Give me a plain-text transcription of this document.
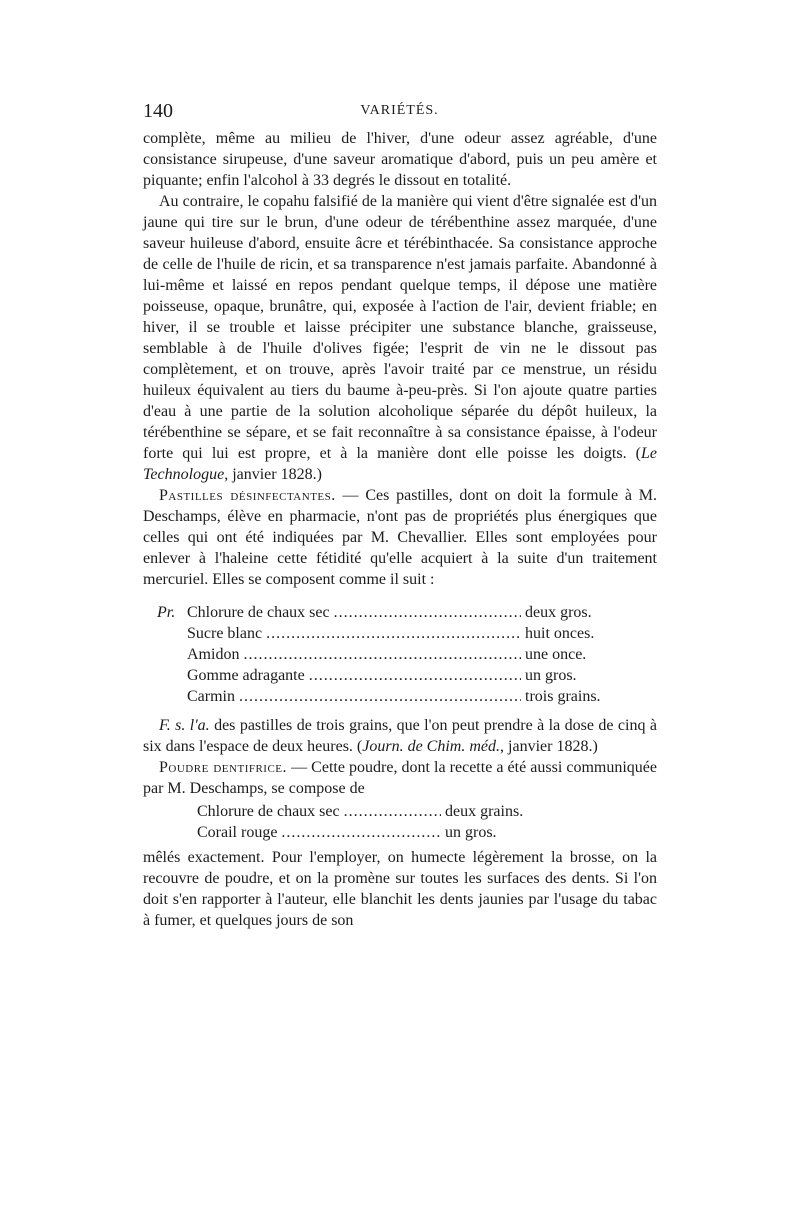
140	VARIÉTÉS.

complète, même au milieu de l'hiver, d'une odeur assez agréable, d'une consistance sirupeuse, d'une saveur aromatique d'abord, puis un peu amère et piquante; enfin l'alcohol à 33 degrés le dissout en totalité.

Au contraire, le copahu falsifié de la manière qui vient d'être signalée est d'un jaune qui tire sur le brun, d'une odeur de térébenthine assez marquée, d'une saveur huileuse d'abord, ensuite âcre et térébinthacée. Sa consistance approche de celle de l'huile de ricin, et sa transparence n'est jamais parfaite. Abandonné à lui-même et laissé en repos pendant quelque temps, il dépose une matière poisseuse, opaque, brunâtre, qui, exposée à l'action de l'air, devient friable; en hiver, il se trouble et laisse précipiter une substance blanche, graisseuse, semblable à de l'huile d'olives figée; l'esprit de vin ne le dissout pas complètement, et on trouve, après l'avoir traité par ce menstrue, un résidu huileux équivalent au tiers du baume à-peu-près. Si l'on ajoute quatre parties d'eau à une partie de la solution alcoholique séparée du dépôt huileux, la térébenthine se sépare, et se fait reconnaître à sa consistance épaisse, à l'odeur forte qui lui est propre, et à la manière dont elle poisse les doigts. (Le Technologue, janvier 1828.)

Pastilles désinfectantes. — Ces pastilles, dont on doit la formule à M. Deschamps, élève en pharmacie, n'ont pas de propriétés plus énergiques que celles qui ont été indiquées par M. Chevallier. Elles sont employées pour enlever à l'haleine cette fétidité qu'elle acquiert à la suite d'un traitement mercuriel. Elles se composent comme il suit :

Pr. Chlorure de chaux sec .....	deux gros.
Sucre blanc .....	huit onces.
Amidon .....	une once.
Gomme adragante .....	un gros.
Carmin .....	trois grains.

F. s. l'a. des pastilles de trois grains, que l'on peut prendre à la dose de cinq à six dans l'espace de deux heures. (Journ. de Chim. méd., janvier 1828.)

Poudre dentifrice. — Cette poudre, dont la recette a été aussi communiquée par M. Deschamps, se compose de

Chlorure de chaux sec .....	deux grains.
Corail rouge .....	un gros.

mêlés exactement. Pour l'employer, on humecte légèrement la brosse, on la recouvre de poudre, et on la promène sur toutes les surfaces des dents. Si l'on doit s'en rapporter à l'auteur, elle blanchit les dents jaunies par l'usage du tabac à fumer, et quelques jours de son
